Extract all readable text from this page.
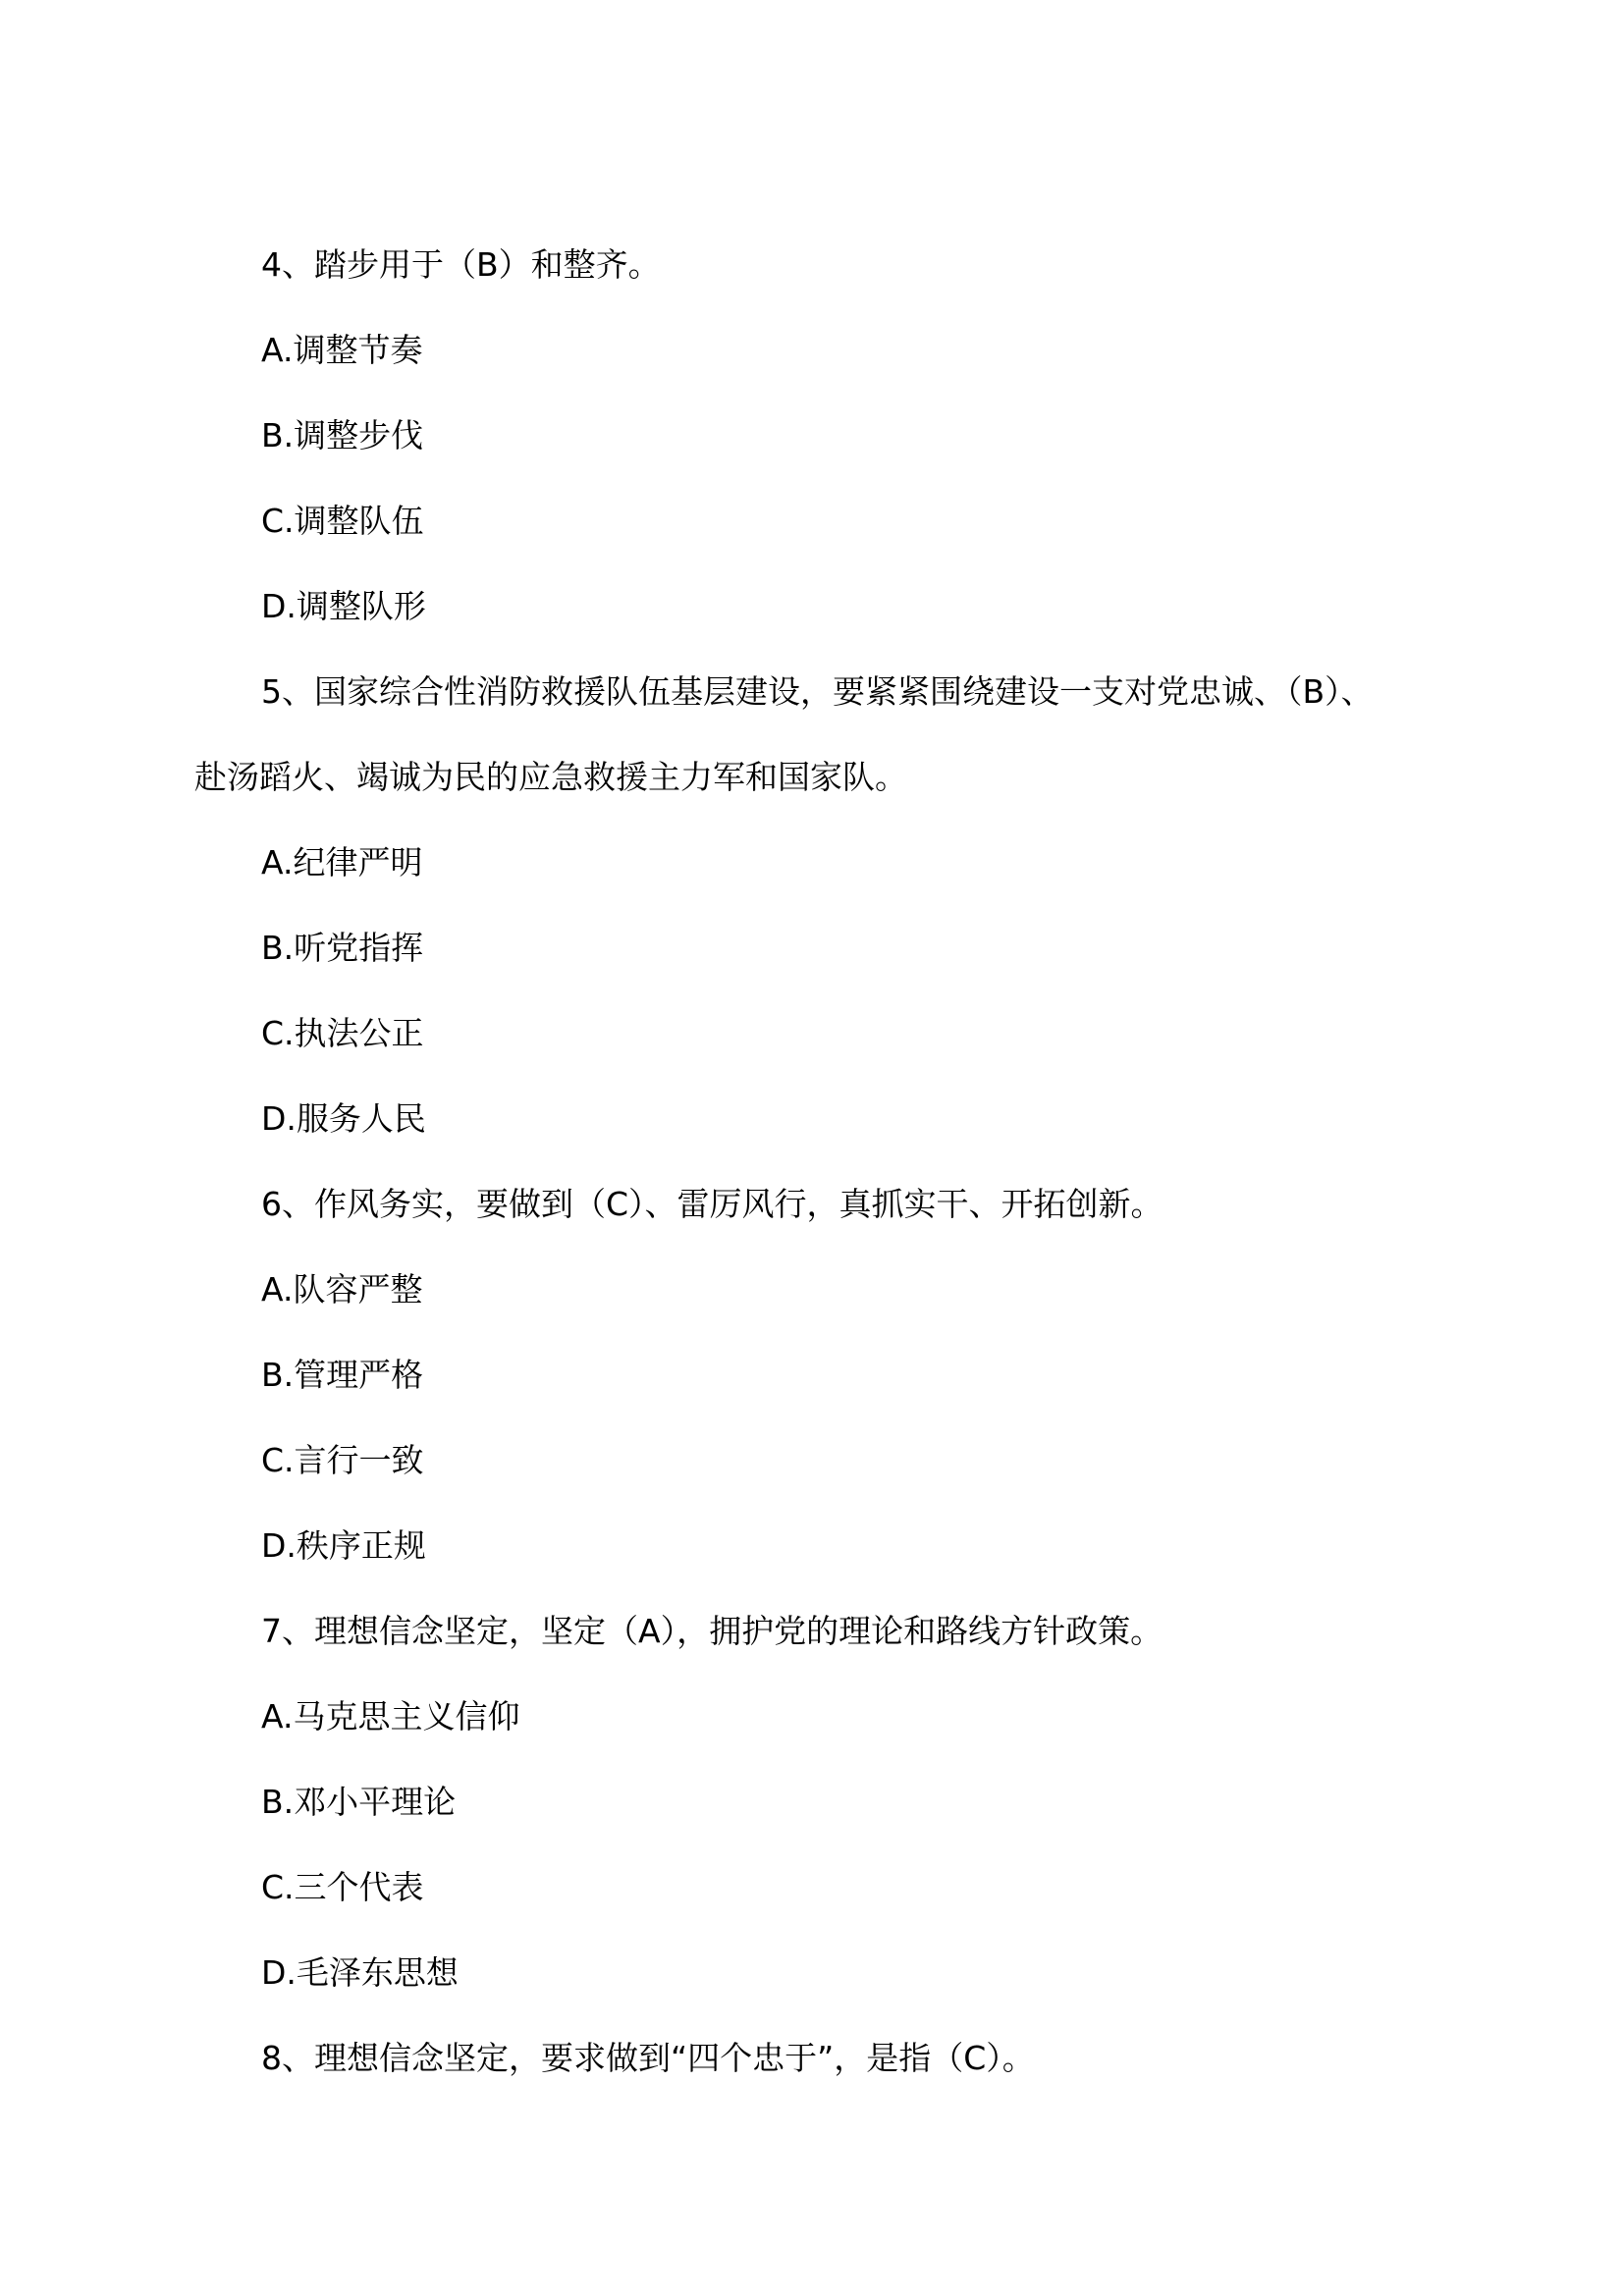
4、踏步用于（B）和整齐。
A.调整节奏
B.调整步伐
C.调整队伍
D.调整队形
5、国家综合性消防救援队伍基层建设，要紧紧围绕建设一支对党忠诚、（B）、
赴汤蹈火、竭诚为民的应急救援主力军和国家队。
A.纪律严明
B.听党指挥
C.执法公正
D.服务人民
6、作风务实，要做到（C）、雷厉风行，真抓实干、开拓创新。
A.队容严整
B.管理严格
C.言行一致
D.秩序正规
7、理想信念坚定，坚定（A），拥护党的理论和路线方针政策。
A.马克思主义信仰
B.邓小平理论
C.三个代表
D.毛泽东思想
8、理想信念坚定，要求做到“四个忠于”，是指（C）。
